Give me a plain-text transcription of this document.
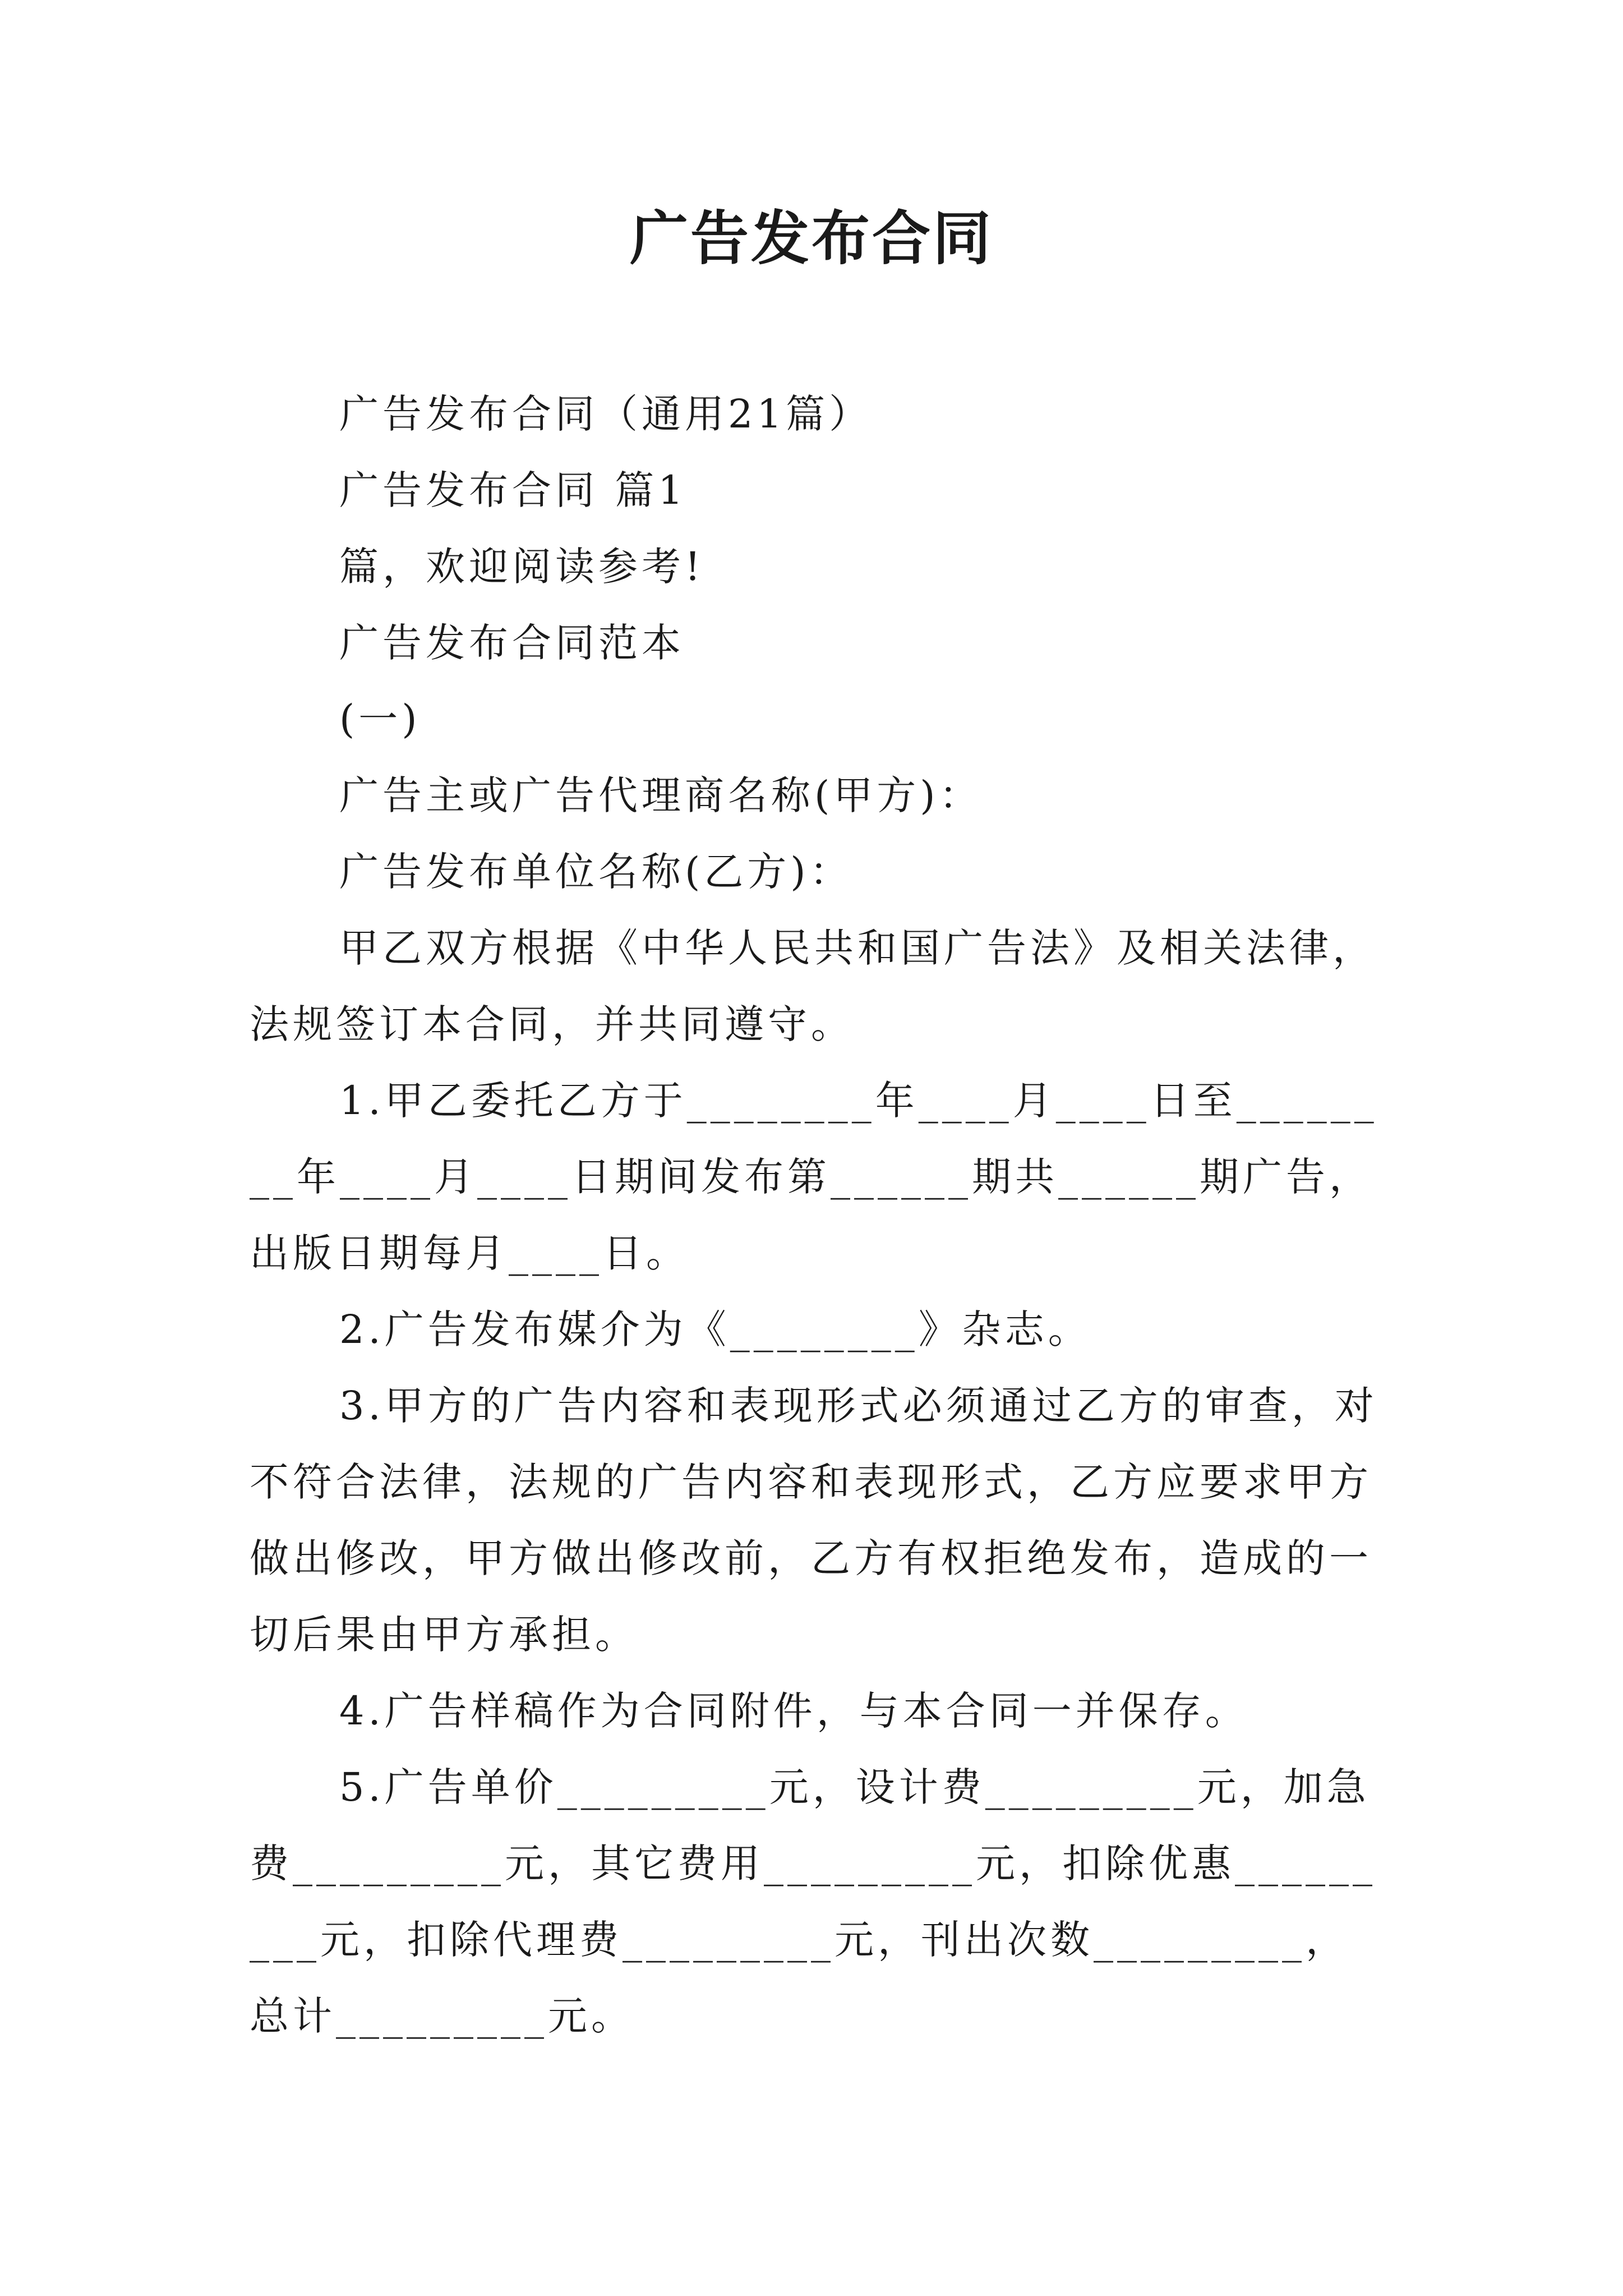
广告发布合同

广告发布合同（通用21篇）

广告发布合同 篇1

篇，欢迎阅读参考!

广告发布合同范本

(一)

广告主或广告代理商名称(甲方)：

广告发布单位名称(乙方)：

甲乙双方根据《中华人民共和国广告法》及相关法律，法规签订本合同，并共同遵守。

1.甲乙委托乙方于________年____月____日至________年____月____日期间发布第______期共______期广告，出版日期每月____日。

2.广告发布媒介为《________》杂志。

3.甲方的广告内容和表现形式必须通过乙方的审查，对不符合法律，法规的广告内容和表现形式，乙方应要求甲方做出修改，甲方做出修改前，乙方有权拒绝发布，造成的一切后果由甲方承担。

4.广告样稿作为合同附件，与本合同一并保存。

5.广告单价_________元，设计费_________元，加急费_________元，其它费用_________元，扣除优惠_________元，扣除代理费_________元，刊出次数_________，总计_________元。
